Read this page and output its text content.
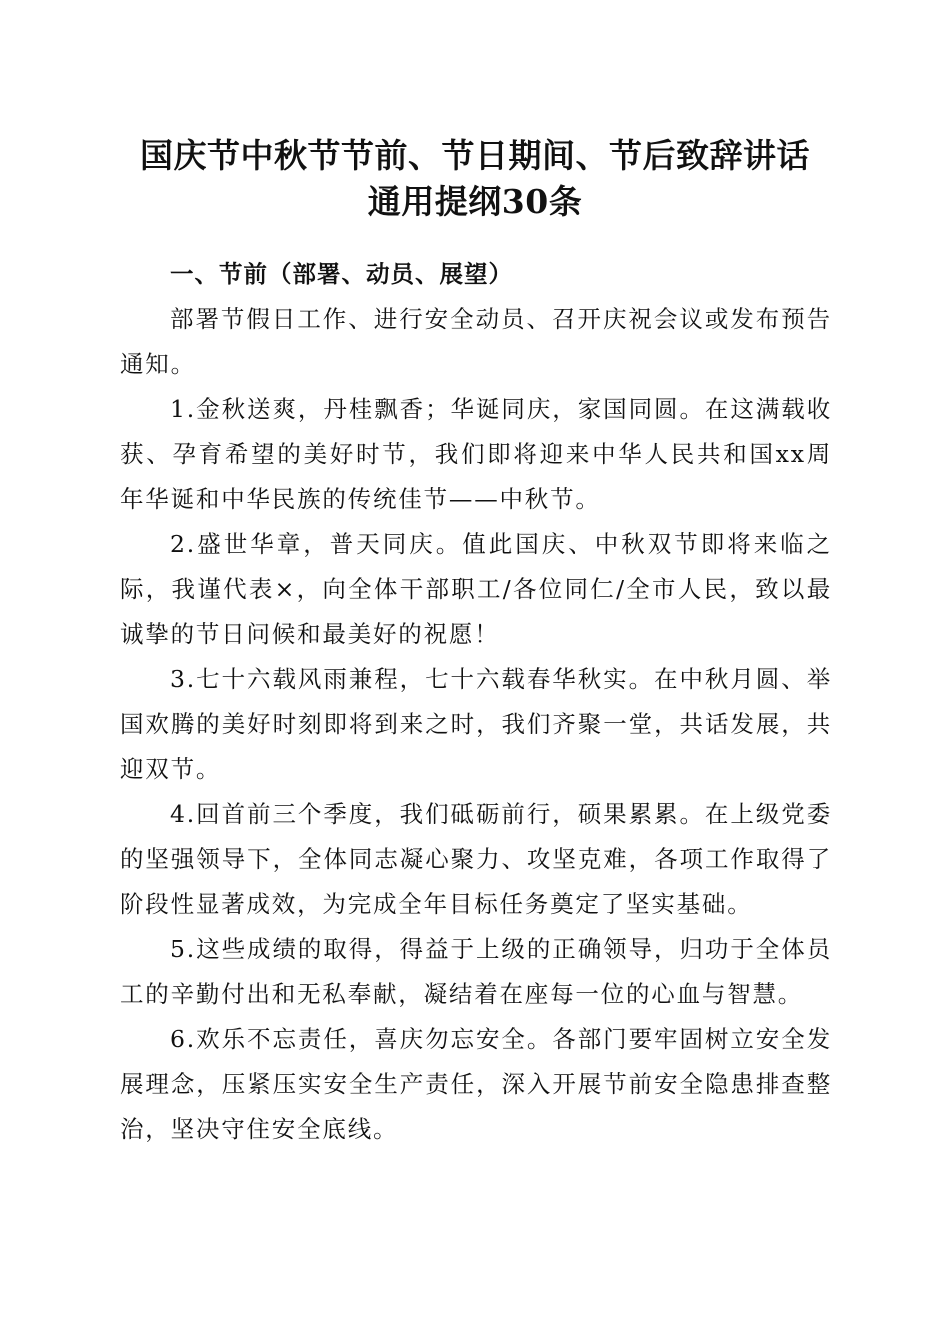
国庆节中秋节节前、节日期间、节后致辞讲话
通用提纲30条

一、节前（部署、动员、展望）

部署节假日工作、进行安全动员、召开庆祝会议或发布预告通知。

1.金秋送爽，丹桂飘香；华诞同庆，家国同圆。在这满载收获、孕育希望的美好时节，我们即将迎来中华人民共和国xx周年华诞和中华民族的传统佳节——中秋节。

2.盛世华章，普天同庆。值此国庆、中秋双节即将来临之际，我谨代表×，向全体干部职工/各位同仁/全市人民，致以最诚挚的节日问候和最美好的祝愿！

3.七十六载风雨兼程，七十六载春华秋实。在中秋月圆、举国欢腾的美好时刻即将到来之时，我们齐聚一堂，共话发展，共迎双节。

4.回首前三个季度，我们砥砺前行，硕果累累。在上级党委的坚强领导下，全体同志凝心聚力、攻坚克难，各项工作取得了阶段性显著成效，为完成全年目标任务奠定了坚实基础。

5.这些成绩的取得，得益于上级的正确领导，归功于全体员工的辛勤付出和无私奉献，凝结着在座每一位的心血与智慧。

6.欢乐不忘责任，喜庆勿忘安全。各部门要牢固树立安全发展理念，压紧压实安全生产责任，深入开展节前安全隐患排查整治，坚决守住安全底线。
